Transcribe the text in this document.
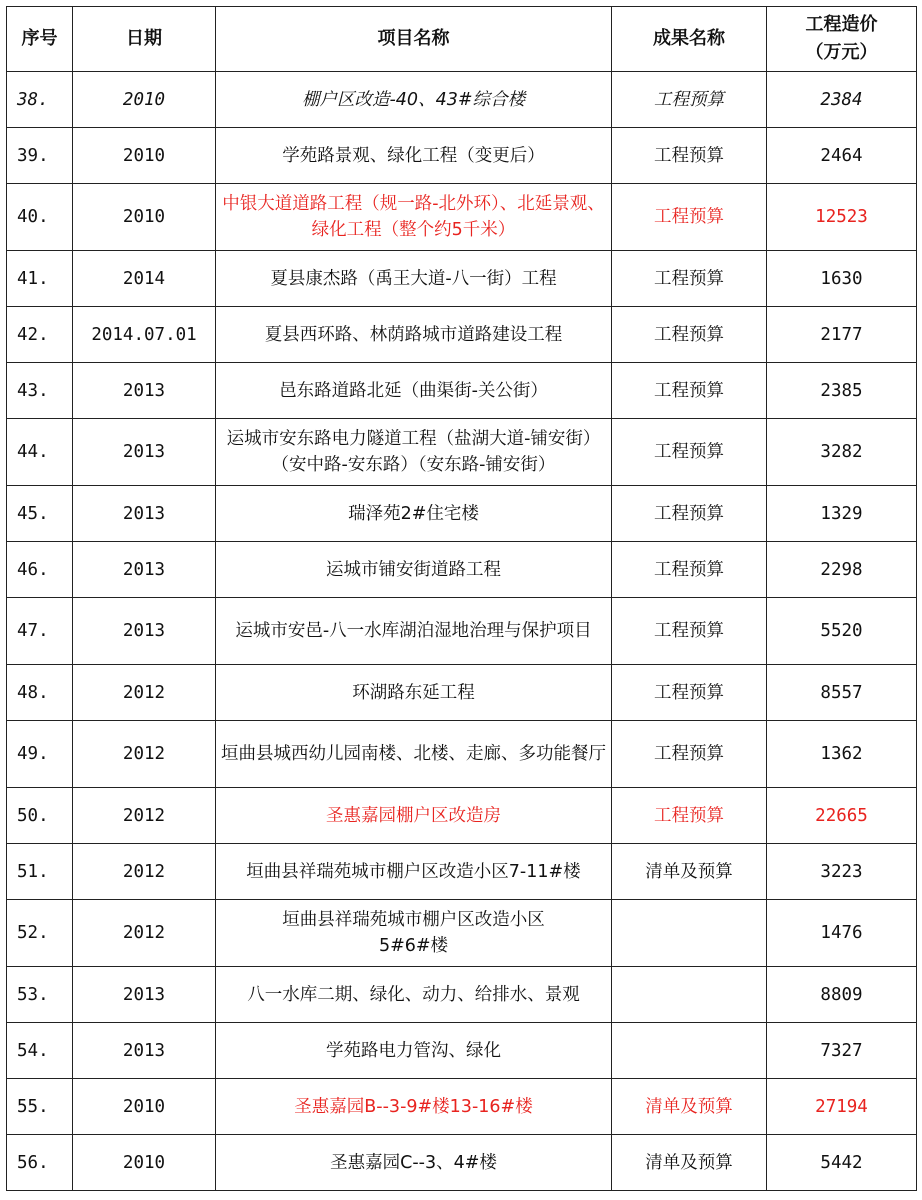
序号	日期	项目名称	成果名称	工程造价
（万元）

38.	2010	棚户区改造-40、43#综合楼	工程预算	2384
39.	2010	学苑路景观、绿化工程（变更后）	工程预算	2464
40.	2010	中银大道道路工程（规一路-北外环）、北延景观、绿化工程（整个约5千米）	工程预算	12523
41.	2014	夏县康杰路（禹王大道-八一街）工程	工程预算	1630
42.	2014.07.01	夏县西环路、林荫路城市道路建设工程	工程预算	2177
43.	2013	邑东路道路北延（曲渠街-关公街）	工程预算	2385
44.	2013	运城市安东路电力隧道工程（盐湖大道-铺安街）（安中路-安东路）（安东路-铺安街）	工程预算	3282
45.	2013	瑞泽苑2#住宅楼	工程预算	1329
46.	2013	运城市铺安街道路工程	工程预算	2298
47.	2013	运城市安邑-八一水库湖泊湿地治理与保护项目	工程预算	5520
48.	2012	环湖路东延工程	工程预算	8557
49.	2012	垣曲县城西幼儿园南楼、北楼、走廊、多功能餐厅	工程预算	1362
50.	2012	圣惠嘉园棚户区改造房	工程预算	22665
51.	2012	垣曲县祥瑞苑城市棚户区改造小区7-11#楼	清单及预算	3223
52.	2012	垣曲县祥瑞苑城市棚户区改造小区
5#6#楼		1476
53.	2013	八一水库二期、绿化、动力、给排水、景观		8809
54.	2013	学苑路电力管沟、绿化		7327
55.	2010	圣惠嘉园B--3-9#楼13-16#楼	清单及预算	27194
56.	2010	圣惠嘉园C--3、4#楼	清单及预算	5442
